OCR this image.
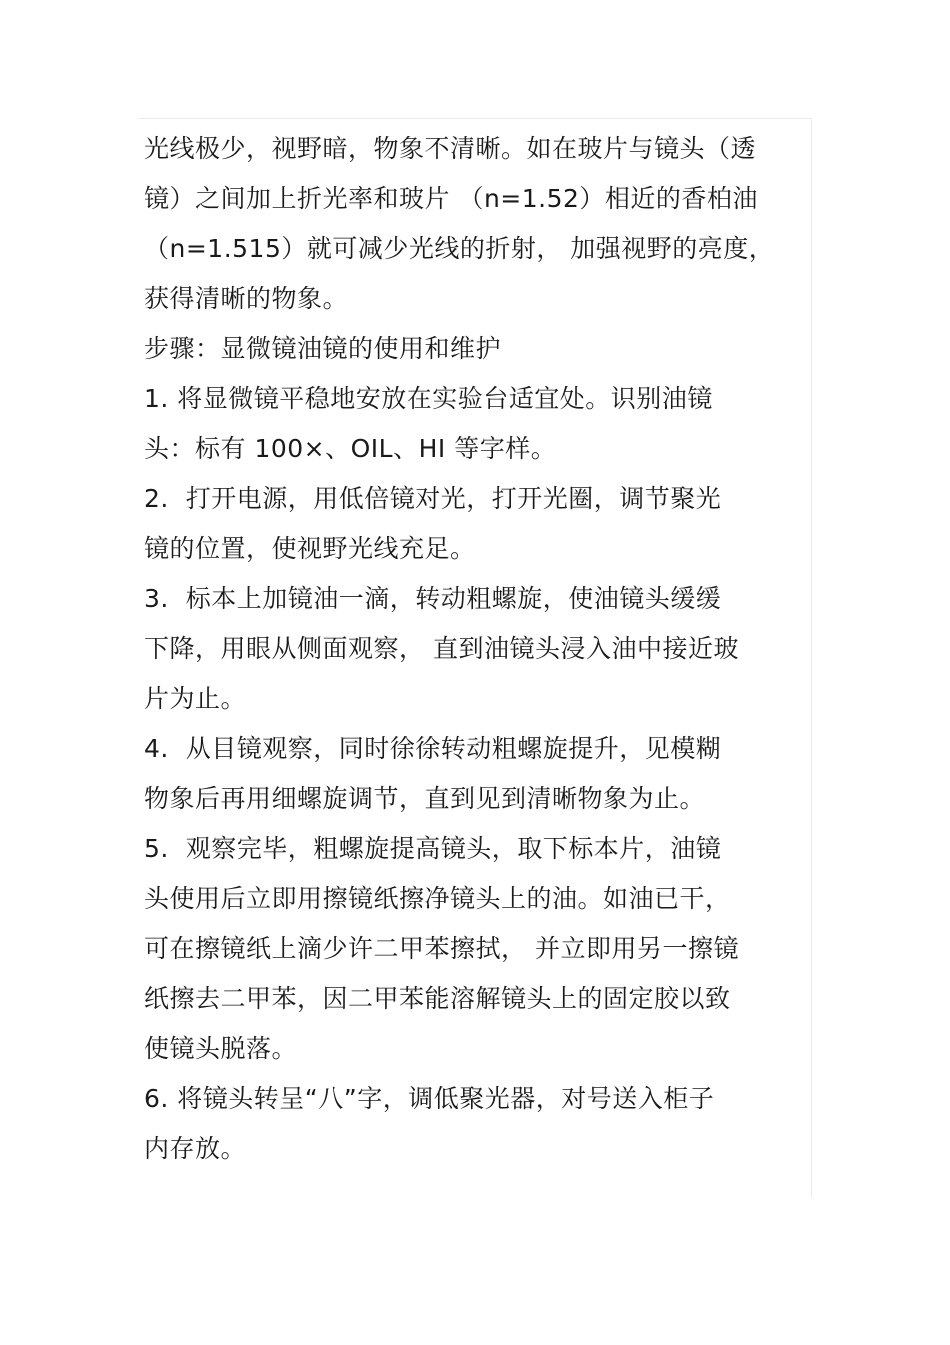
光线极少，视野暗，物象不清晰。如在玻片与镜头（透
镜）之间加上折光率和玻片 （n=1.52）相近的香柏油
（n=1.515）就可减少光线的折射， 加强视野的亮度，
获得清晰的物象。
步骤：显微镜油镜的使用和维护
1. 将显微镜平稳地安放在实验台适宜处。识别油镜
头：标有 100×、OIL、HI 等字样。
2.  打开电源，用低倍镜对光，打开光圈，调节聚光
镜的位置，使视野光线充足。
3.  标本上加镜油一滴，转动粗螺旋，使油镜头缓缓
下降，用眼从侧面观察， 直到油镜头浸入油中接近玻
片为止。
4.  从目镜观察，同时徐徐转动粗螺旋提升，见模糊
物象后再用细螺旋调节，直到见到清晰物象为止。
5.  观察完毕，粗螺旋提高镜头，取下标本片，油镜
头使用后立即用擦镜纸擦净镜头上的油。如油已干，
可在擦镜纸上滴少许二甲苯擦拭， 并立即用另一擦镜
纸擦去二甲苯，因二甲苯能溶解镜头上的固定胶以致
使镜头脱落。
6. 将镜头转呈“八”字，调低聚光器，对号送入柜子
内存放。
